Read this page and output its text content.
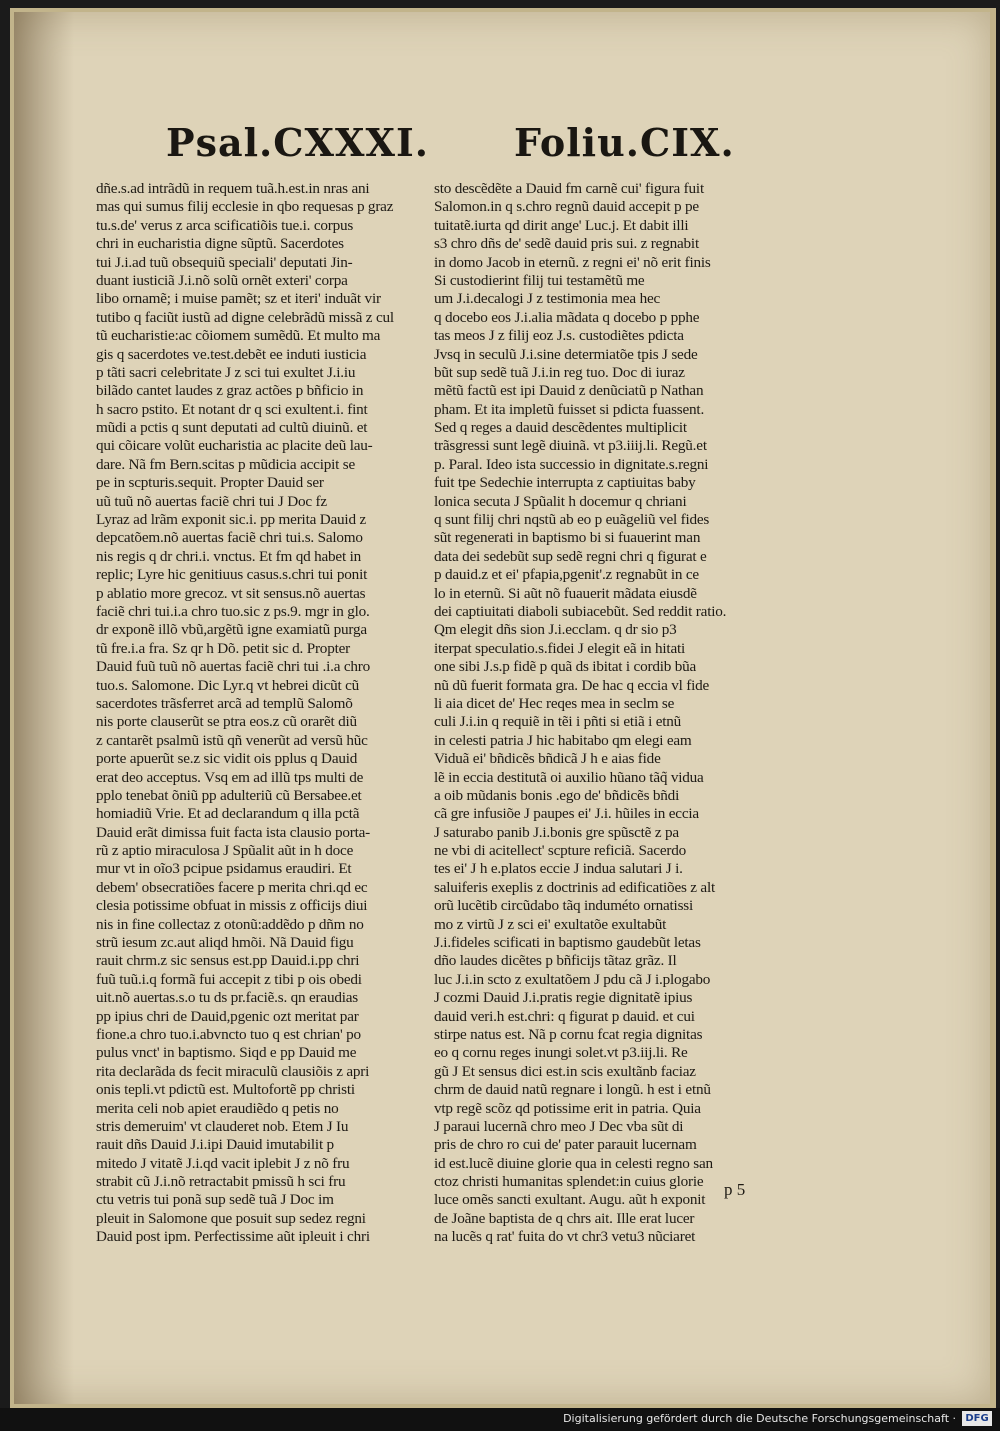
Psal.CXXXI. Foliu.CIX.
dñe.s.ad intrãdũ in requem tuã.h.est.in nras ani
mas qui sumus filij ecclesie in qbo requesas p graz
tu.s.de' verus z arca scificatiõis tue.i. corpus
chri in eucharistia digne sũptũ. Sacerdotes
tui J.i.ad tuũ obsequiũ speciali' deputati Jin-
duant iusticiã J.i.nõ solũ ornẽt exteri' corpa
libo ornamẽ; i muise pamẽt; sz et iteri' induãt vir
tutibo q faciũt iustũ ad digne celebrãdũ missã z cul
tũ eucharistie:ac cõiomem sumẽdũ. Et multo ma
gis q sacerdotes ve.test.debẽt ee induti iusticia
p tãti sacri celebritate J z sci tui exultet J.i.iu
bilãdo cantet laudes z graz actões p bñficio in
h sacro pstito. Et notant dr q sci exultent.i. fint
mũdi a pctis q sunt deputati ad cultũ diuinũ. et
qui cõicare volũt eucharistia ac placite deũ lau-
dare. Nã fm Bern.scitas p mũdicia accipit se
pe in scpturis.sequit. Propter Dauid ser
uũ tuũ nõ auertas faciẽ chri tui J Doc fz
Lyraz ad lrãm exponit sic.i. pp merita Dauid z
depcatõem.nõ auertas faciẽ chri tui.s. Salomo
nis regis q dr chri.i. vnctus. Et fm qd habet in
replic; Lyre hic genitiuus casus.s.chri tui ponit
p ablatio more grecoz. vt sit sensus.nõ auertas
faciẽ chri tui.i.a chro tuo.sic z ps.9. mgr in glo.
dr exponẽ illõ vbũ,argẽtũ igne examiatũ purga
tũ fre.i.a fra. Sz qr h Dõ. petit sic d. Propter
Dauid fuũ tuũ nõ auertas faciẽ chri tui .i.a chro
tuo.s. Salomone. Dic Lyr.q vt hebrei dicũt cũ
sacerdotes trãsferret arcã ad templũ Salomõ
nis porte clauserũt se ptra eos.z cũ orarẽt diũ
z cantarẽt psalmũ istũ qñ venerũt ad versũ hũc
porte apuerũt se.z sic vidit ois pplus q Dauid
erat deo acceptus. Vsq em ad illũ tps multi de
pplo tenebat õniũ pp adulteriũ cũ Bersabee.et
homiadiũ Vrie. Et ad declarandum q illa pctã
Dauid erãt dimissa fuit facta ista clausio porta-
rũ z aptio miraculosa J Spũalit aũt in h doce
mur vt in oĩo3 pcipue psidamus eraudiri. Et
debem' obsecratiões facere p merita chri.qd ec
clesia potissime obfuat in missis z officijs diui
nis in fine collectaz z otonũ:addẽdo p dñm no
strũ iesum zc.aut aliqd hmõi. Nã Dauid figu
rauit chrm.z sic sensus est.pp Dauid.i.pp chri
fuũ tuũ.i.q formã fui accepit z tibi p ois obedi
uit.nõ auertas.s.o tu ds pr.faciẽ.s. qn eraudias
pp ipius chri de Dauid,pgenic ozt meritat par
fione.a chro tuo.i.abvncto tuo q est chrian' po
pulus vnct' in baptismo. Siqd e pp Dauid me
rita declarãda ds fecit miraculũ clausiõis z apri
onis tepli.vt pdictũ est. Multofortẽ pp christi
merita celi nob apiet eraudiẽdo q petis no
stris demeruim' vt clauderet nob. Etem J Iu
rauit dñs Dauid J.i.ipi Dauid imutabilit p
mitedo J vitatẽ J.i.qd vacit iplebit J z nõ fru
strabit cũ J.i.nõ retractabit pmissũ h sci fru
ctu vetris tui ponã sup sedẽ tuã J Doc im
pleuit in Salomone que posuit sup sedez regni
Dauid post ipm. Perfectissime aũt ipleuit i chri
sto descẽdẽte a Dauid fm carnẽ cui' figura fuit
Salomon.in q s.chro regnũ dauid accepit p pe
tuitatẽ.iurta qd dirit ange' Luc.j. Et dabit illi
s3 chro dñs de' sedẽ dauid pris sui. z regnabit
in domo Jacob in eternũ. z regni ei' nõ erit finis
Si custodierint filij tui testamẽtũ me
um J.i.decalogi J z testimonia mea hec
q docebo eos J.i.alia mãdata q docebo p pphe
tas meos J z filij eoz J.s. custodiẽtes pdicta
Jvsq in seculũ J.i.sine determiatõe tpis J sede
bũt sup sedẽ tuã J.i.in reg tuo. Doc di iuraz
mẽtũ factũ est ipi Dauid z denũciatũ p Nathan
pham. Et ita impletũ fuisset si pdicta fuassent.
Sed q reges a dauid descẽdentes multiplicit
trãsgressi sunt legẽ diuinã. vt p3.iiij.li. Regũ.et
p. Paral. Ideo ista successio in dignitate.s.regni
fuit tpe Sedechie interrupta z captiuitas baby
lonica secuta J Spũalit h docemur q chriani
q sunt filij chri nqstũ ab eo p euãgeliũ vel fides
sũt regenerati in baptismo bi si fuauerint man
data dei sedebũt sup sedẽ regni chri q figurat e
p dauid.z et ei' pfapia,pgenit'.z regnabũt in ce
lo in eternũ. Si aũt nõ fuauerit mãdata eiusdẽ
dei captiuitati diaboli subiacebũt. Sed reddit ratio.
Qm elegit dñs sion J.i.ecclam. q dr sio p3
iterpat speculatio.s.fidei J elegit eã in hitati
one sibi J.s.p fidẽ p quã ds ibitat i cordib bũa
nũ dũ fuerit formata gra. De hac q eccia vl fide
li aia dicet de' Hec reqes mea in seclm se
culi J.i.in q requiẽ in tẽi i pñti si etiã i etnũ
in celesti patria J hic habitabo qm elegi eam
Viduã ei' bñdicẽs bñdicã J h e aias fide
lẽ in eccia destitutã oi auxilio hũano tãq̃ vidua
a oib mũdanis bonis .ego de' bñdicẽs bñdi
cã gre infusiõe J paupes ei' J.i. hũiles in eccia
J saturabo panib J.i.bonis gre spũsctẽ z pa
ne vbi di acitellect' scpture reficiã. Sacerdo
tes ei' J h e.platos eccie J indua salutari J i.
saluiferis exeplis z doctrinis ad edificatiões z alt
orũ lucẽtib circũdabo tãq induméto ornatissi
mo z virtũ J z sci ei' exultatõe exultabũt
J.i.fideles scificati in baptismo gaudebũt letas
dño laudes dicẽtes p bñficijs tãtaz grãz. Il
luc J.i.in scto z exultatõem J pdu cã J i.plogabo
J cozmi Dauid J.i.pratis regie dignitatẽ ipius
dauid veri.h est.chri: q figurat p dauid. et cui
stirpe natus est. Nã p cornu fcat regia dignitas
eo q cornu reges inungi solet.vt p3.iij.li. Re
gũ J Et sensus dici est.in scis exultãnb faciaz
chrm de dauid natũ regnare i longũ. h est i etnũ
vtp regẽ scõz qd potissime erit in patria. Quia
J paraui lucernã chro meo J Dec vba sũt di
pris de chro ro cui de' pater parauit lucernam
id est.lucẽ diuine glorie qua in celesti regno san
ctoz christi humanitas splendet:in cuius glorie
luce omẽs sancti exultant. Augu. aũt h exponit
de Joãne baptista de q chrs ait. Ille erat lucer
na lucẽs q rat' fuita do vt chr3 vetu3 nũciaret
p 5
Digitalisierung gefördert durch die Deutsche Forschungsgemeinschaft · DFG
